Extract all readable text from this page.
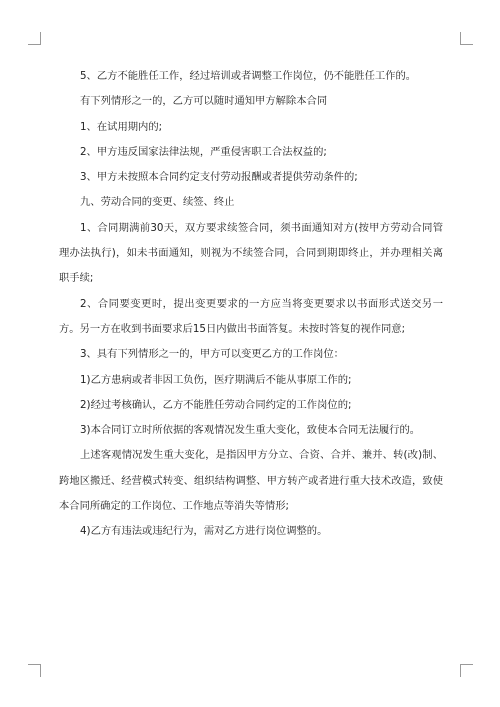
5、乙方不能胜任工作，经过培训或者调整工作岗位，仍不能胜任工作的。

有下列情形之一的，乙方可以随时通知甲方解除本合同

1、在试用期内的;

2、甲方违反国家法律法规，严重侵害职工合法权益的;

3、甲方未按照本合同约定支付劳动报酬或者提供劳动条件的;

九、劳动合同的变更、续签、终止

1、合同期满前30天，双方要求续签合同，须书面通知对方(按甲方劳动合同管理办法执行)，如未书面通知，则视为不续签合同，合同到期即终止，并办理相关离职手续;

2、合同要变更时，提出变更要求的一方应当将变更要求以书面形式送交另一方。另一方在收到书面要求后15日内做出书面答复。未按时答复的视作同意;

3、具有下列情形之一的，甲方可以变更乙方的工作岗位：

1)乙方患病或者非因工负伤，医疗期满后不能从事原工作的;

2)经过考核确认，乙方不能胜任劳动合同约定的工作岗位的;

3)本合同订立时所依据的客观情况发生重大变化，致使本合同无法履行的。

上述客观情况发生重大变化，是指因甲方分立、合资、合并、兼并、转(改)制、跨地区搬迁、经营模式转变、组织结构调整、甲方转产或者进行重大技术改造，致使本合同所确定的工作岗位、工作地点等消失等情形;

4)乙方有违法或违纪行为，需对乙方进行岗位调整的。
